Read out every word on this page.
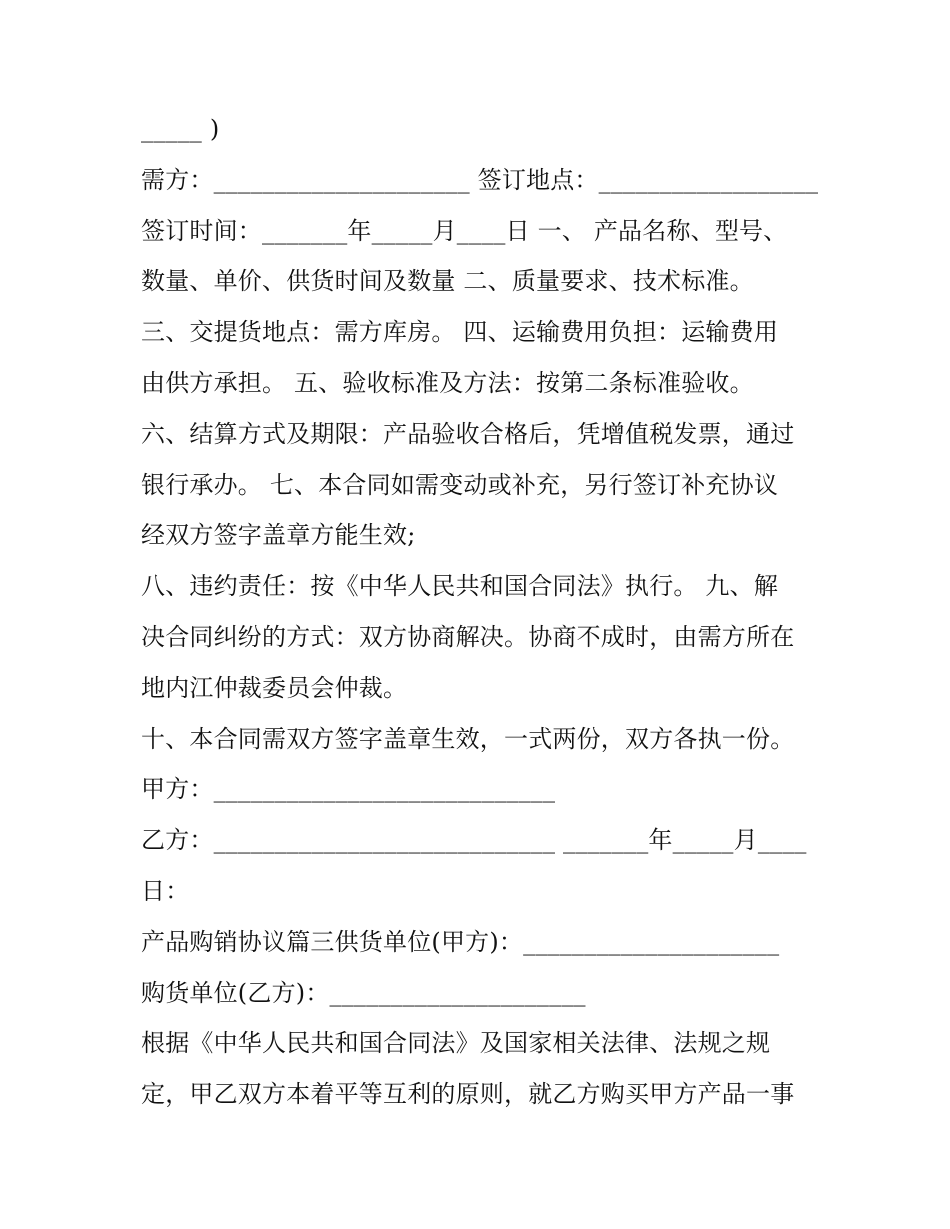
_____ )
需方：_____________________ 签订地点：__________________
签订时间：_______年_____月____日 一、 产品名称、型号、
数量、单价、供货时间及数量 二、质量要求、技术标准。
三、交提货地点：需方库房。 四、运输费用负担：运输费用
由供方承担。 五、验收标准及方法：按第二条标准验收。
六、结算方式及期限：产品验收合格后，凭增值税发票，通过
银行承办。 七、本合同如需变动或补充，另行签订补充协议
经双方签字盖章方能生效;
八、违约责任：按《中华人民共和国合同法》执行。 九、解
决合同纠纷的方式：双方协商解决。协商不成时，由需方所在
地内江仲裁委员会仲裁。
十、本合同需双方签字盖章生效，一式两份，双方各执一份。
甲方：____________________________
乙方：____________________________ _______年_____月____
日：
产品购销协议篇三供货单位(甲方)：_____________________
购货单位(乙方)：_____________________
根据《中华人民共和国合同法》及国家相关法律、法规之规
定，甲乙双方本着平等互利的原则，就乙方购买甲方产品一事
